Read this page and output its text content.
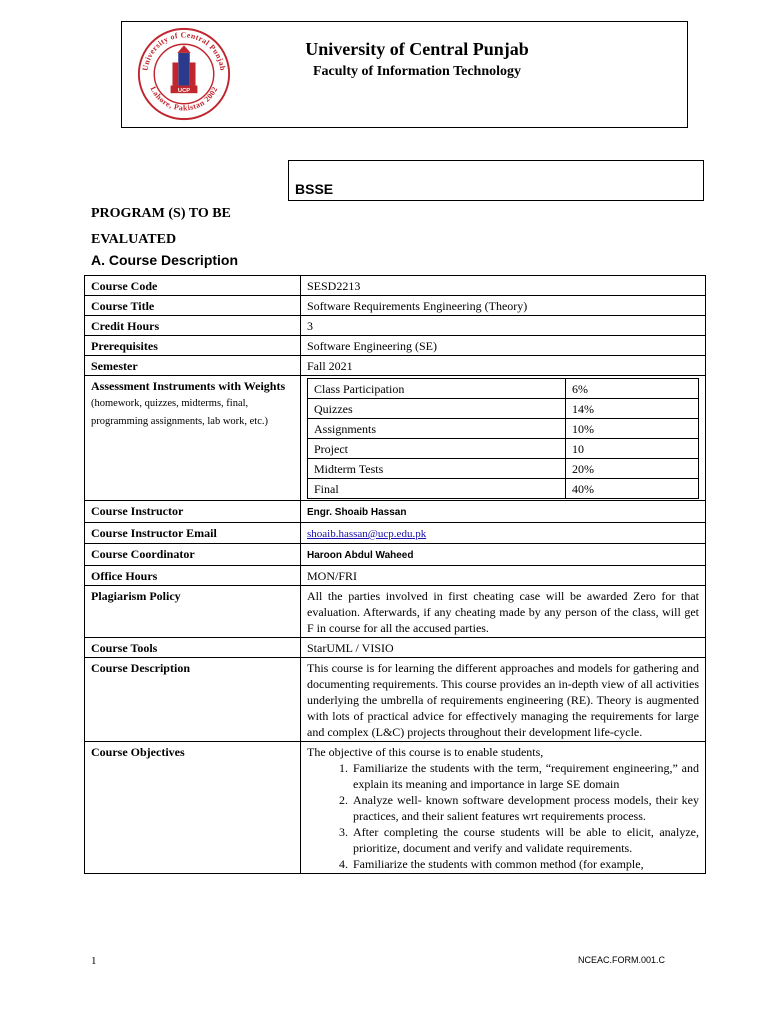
University of Central Punjab
Lahore, Pakistan 2002
UCP
University of Central Punjab
Faculty of Information Technology
BSSE
PROGRAM (S) TO BE EVALUATED
A. Course Description
Course Code	SESD2213
Course Title	Software Requirements Engineering (Theory)
Credit Hours	3
Prerequisites	Software Engineering (SE)
Semester	Fall 2021
Assessment Instruments with Weights (homework, quizzes, midterms, final, programming assignments, lab work, etc.)	
Class Participation	6%
Quizzes	14%
Assignments	10%
Project	10
Midterm Tests	20%
Final	40%

Course Instructor	Engr. Shoaib Hassan
Course Instructor Email	shoaib.hassan@ucp.edu.pk
Course Coordinator	Haroon Abdul Waheed
Office Hours	MON/FRI
Plagiarism Policy	All the parties involved in first cheating case will be awarded Zero for that evaluation. Afterwards, if any cheating made by any person of the class, will get F in course for all the accused parties.
Course Tools	StarUML / VISIO
Course Description	This course is for learning the different approaches and models for gathering and documenting requirements. This course provides an in-depth view of all activities underlying the umbrella of requirements engineering (RE). Theory is augmented with lots of practical advice for effectively managing the requirements for large and complex (L&C) projects throughout their development life-cycle.
Course Objectives	The objective of this course is to enable students,
1. Familiarize the students with the term, “requirement engineering,” and explain its meaning and importance in large SE domain
2. Analyze well- known software development process models, their key practices, and their salient features wrt requirements process.
3. After completing the course students will be able to elicit, analyze, prioritize, document and verify and validate requirements.
4. Familiarize the students with common method (for example,
1	NCEAC.FORM.001.C
